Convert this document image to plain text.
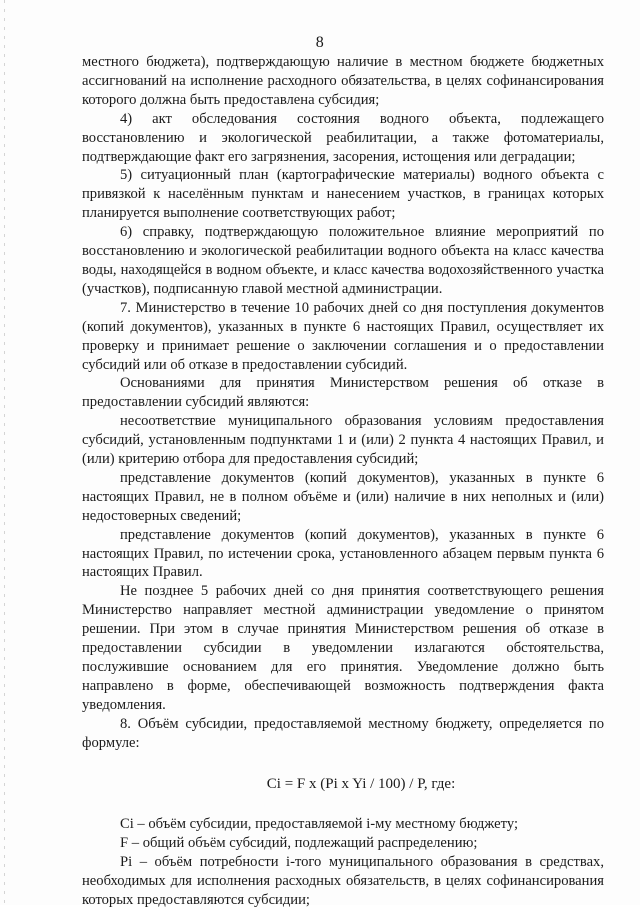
8

местного бюджета), подтверждающую наличие в местном бюджете бюджетных ассигнований на исполнение расходного обязательства, в целях софинансирования которого должна быть предоставлена субсидия;

4) акт обследования состояния водного объекта, подлежащего восстановлению и экологической реабилитации, а также фотоматериалы, подтверждающие факт его загрязнения, засорения, истощения или деградации;

5) ситуационный план (картографические материалы) водного объекта с привязкой к населённым пунктам и нанесением участков, в границах которых планируется выполнение соответствующих работ;

6) справку, подтверждающую положительное влияние мероприятий по восстановлению и экологической реабилитации водного объекта на класс качества воды, находящейся в водном объекте, и класс качества водохозяйственного участка (участков), подписанную главой местной администрации.

7. Министерство в течение 10 рабочих дней со дня поступления документов (копий документов), указанных в пункте 6 настоящих Правил, осуществляет их проверку и принимает решение о заключении соглашения и о предоставлении субсидий или об отказе в предоставлении субсидий.

Основаниями для принятия Министерством решения об отказе в предоставлении субсидий являются:

несоответствие муниципального образования условиям предоставления субсидий, установленным подпунктами 1 и (или) 2 пункта 4 настоящих Правил, и (или) критерию отбора для предоставления субсидий;

представление документов (копий документов), указанных в пункте 6 настоящих Правил, не в полном объёме и (или) наличие в них неполных и (или) недостоверных сведений;

представление документов (копий документов), указанных в пункте 6 настоящих Правил, по истечении срока, установленного абзацем первым пункта 6 настоящих Правил.

Не позднее 5 рабочих дней со дня принятия соответствующего решения Министерство направляет местной администрации уведомление о принятом решении. При этом в случае принятия Министерством решения об отказе в предоставлении субсидии в уведомлении излагаются обстоятельства, послужившие основанием для его принятия. Уведомление должно быть направлено в форме, обеспечивающей возможность подтверждения факта уведомления.

8. Объём субсидии, предоставляемой местному бюджету, определяется по формуле:

Ci = F x (Pi x Yi / 100) / P, где:

Ci – объём субсидии, предоставляемой i-му местному бюджету;

F – общий объём субсидий, подлежащий распределению;

Pi – объём потребности i-того муниципального образования в средствах, необходимых для исполнения расходных обязательств, в целях софинансирования которых предоставляются субсидии;
